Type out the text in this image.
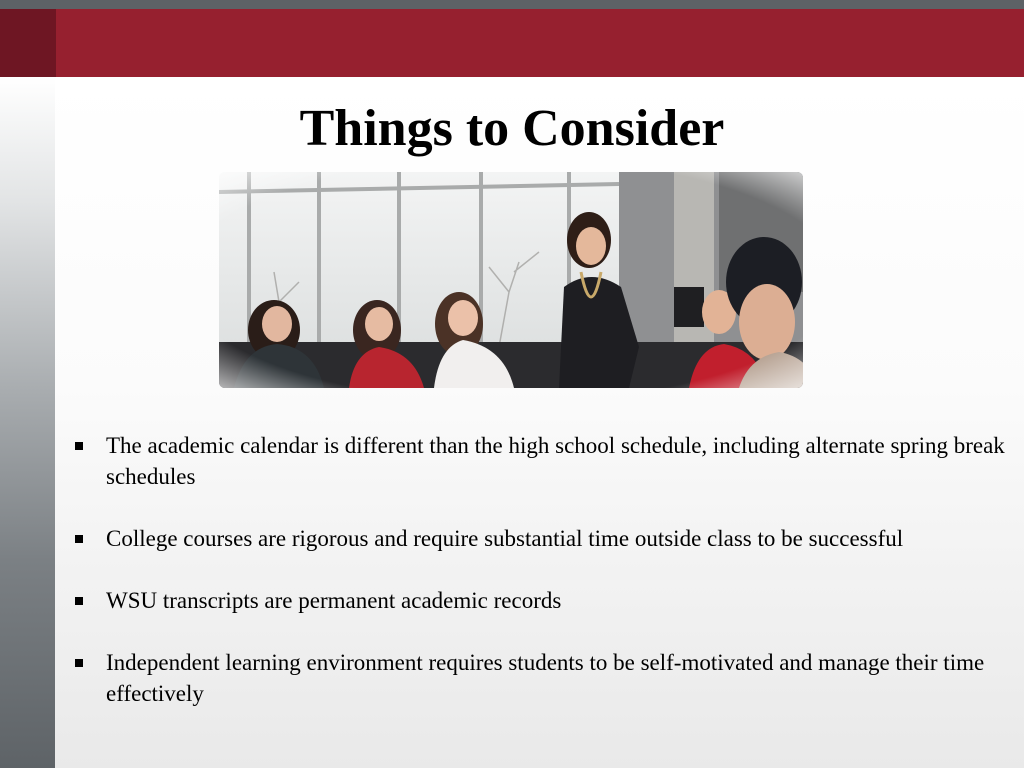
Things to Consider
The academic calendar is different than the high school schedule, including alternate spring break schedules
College courses are rigorous and require substantial time outside class to be successful
WSU transcripts are permanent academic records
Independent learning environment requires students to be self-motivated and manage their time effectively
